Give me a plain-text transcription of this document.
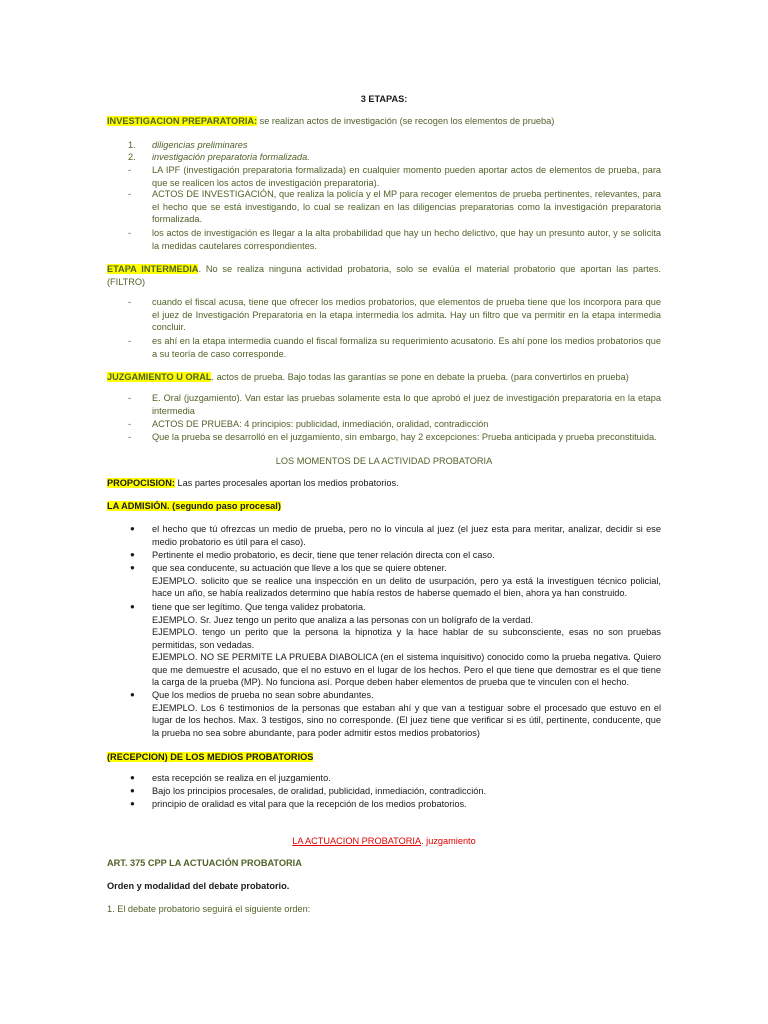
3 ETAPAS:
INVESTIGACION PREPARATORIA: se realizan actos de investigación (se recogen los elementos de prueba)
1. diligencias preliminares
2. investigación preparatoria formalizada.
- LA IPF (investigación preparatoria formalizada) en cualquier momento pueden aportar actos de elementos de prueba, para que se realicen los actos de investigación preparatoria).
- ACTOS DE INVESTIGACIÓN, que realiza la policía y el MP para recoger elementos de prueba pertinentes, relevantes, para el hecho que se está investigando, lo cual se realizan en las diligencias preparatorias como la investigación preparatoria formalizada.
- los actos de investigación es llegar a la alta probabilidad que hay un hecho delictivo, que hay un presunto autor, y se solicita la medidas cautelares correspondientes.
ETAPA INTERMEDIA. No se realiza ninguna actividad probatoria, solo se evalúa el material probatorio que aportan las partes. (FILTRO)
- cuando el fiscal acusa, tiene que ofrecer los medios probatorios, que elementos de prueba tiene que los incorpora para que el juez de Investigación Preparatoria en la etapa intermedia los admita. Hay un filtro que va permitir en la etapa intermedia concluir.
- es ahí en la etapa intermedia cuando el fiscal formaliza su requerimiento acusatorio. Es ahí pone los medios probatorios que a su teoría de caso corresponde.
JUZGAMIENTO U ORAL. actos de prueba. Bajo todas las garantías se pone en debate la prueba. (para convertirlos en prueba)
- E. Oral (juzgamiento). Van estar las pruebas solamente esta lo que aprobó el juez de investigación preparatoria en la etapa intermedia
- ACTOS DE PRUEBA: 4 principios: publicidad, inmediación, oralidad, contradicción
- Que la prueba se desarrolló en el juzgamiento, sin embargo, hay 2 excepciones: Prueba anticipada y prueba preconstituida.
LOS MOMENTOS DE LA ACTIVIDAD PROBATORIA
PROPOCISION: Las partes procesales aportan los medios probatorios.
LA ADMISIÓN. (segundo paso procesal)
● el hecho que tú ofrezcas un medio de prueba, pero no lo vincula al juez (el juez esta para meritar, analizar, decidir si ese medio probatorio es útil para el caso).
● Pertinente el medio probatorio, es decir, tiene que tener relación directa con el caso.
● que sea conducente, su actuación que lleve a los que se quiere obtener.
EJEMPLO. solicito que se realice una inspección en un delito de usurpación, pero ya está la investiguen técnico policial, hace un año, se había realizados determino que había restos de haberse quemado el bien, ahora ya han construido.
● tiene que ser legítimo. Que tenga validez probatoria.
EJEMPLO. Sr. Juez tengo un perito que analiza a las personas con un bolígrafo de la verdad.
EJEMPLO. tengo un perito que la persona la hipnotiza y la hace hablar de su subconsciente, esas no son pruebas permitidas, son vedadas.
EJEMPLO. NO SE PERMITE LA PRUEBA DIABOLICA (en el sistema inquisitivo) conocido como la prueba negativa. Quiero que me demuestre el acusado, que el no estuvo en el lugar de los hechos. Pero el que tiene que demostrar es el que tiene la carga de la prueba (MP). No funciona así. Porque deben haber elementos de prueba que te vinculen con el hecho.
● Que los medios de prueba no sean sobre abundantes.
EJEMPLO. Los 6 testimonios de la personas que estaban ahí y que van a testiguar sobre el procesado que estuvo en el lugar de los hechos. Max. 3 testigos, sino no corresponde. (El juez tiene que verificar si es útil, pertinente, conducente, que la prueba no sea sobre abundante, para poder admitir estos medios probatorios)
(RECEPCION) DE LOS MEDIOS PROBATORIOS
● esta recepción se realiza en el juzgamiento.
● Bajo los principios procesales, de oralidad, publicidad, inmediación, contradicción.
● principio de oralidad es vital para que la recepción de los medios probatorios.
LA ACTUACION PROBATORIA. juzgamiento
ART. 375 CPP LA ACTUACIÓN PROBATORIA
Orden y modalidad del debate probatorio.
1. El debate probatorio seguirá el siguiente orden:
